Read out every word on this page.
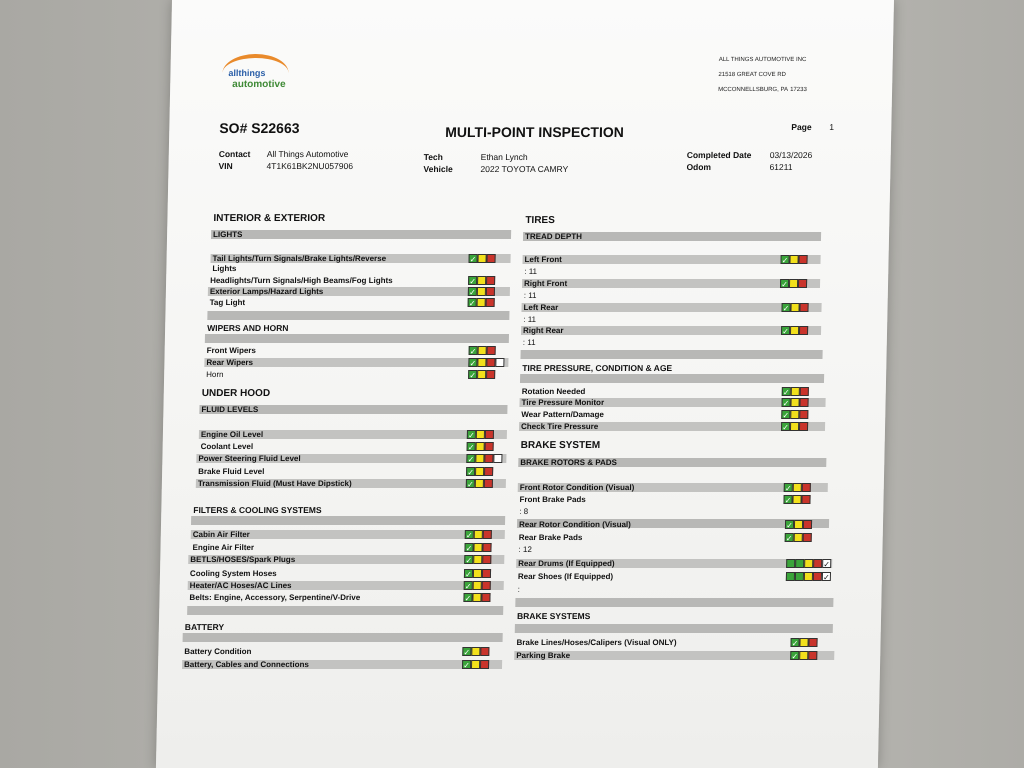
allthings
automotive
ALL THINGS AUTOMOTIVE INC
21518 GREAT COVE RD
MCCONNELLSBURG, PA 17233
SO# S22663	MULTI-POINT INSPECTION	Page 1
Contact All Things Automotive
VIN	4T1K61BK2NU057906
Tech	Ethan Lynch
Vehicle	2022 TOYOTA CAMRY
Completed Date 03/13/2026
Odom	61211
INTERIOR & EXTERIOR
LIGHTS
Tail Lights/Turn Signals/Brake Lights/Reverse	✓
Lights
Headlights/Turn Signals/High Beams/Fog Lights	✓
Exterior Lamps/Hazard Lights	✓
Tag Light	✓
WIPERS AND HORN
Front Wipers	✓
Rear Wipers	✓
Horn	✓
UNDER HOOD
FLUID LEVELS
Engine Oil Level	✓
Coolant Level	✓
Power Steering Fluid Level	✓
Brake Fluid Level	✓
Transmission Fluid (Must Have Dipstick)	✓
FILTERS & COOLING SYSTEMS
Cabin Air Filter	✓
Engine Air Filter	✓
BETLS/HOSES/Spark Plugs	✓
Cooling System Hoses	✓
Heater/AC Hoses/AC Lines	✓
Belts: Engine, Accessory, Serpentine/V-Drive	✓
BATTERY
Battery Condition	✓
Battery, Cables and Connections	✓
TIRES
TREAD DEPTH
Left Front	✓
: 11
Right Front	✓
: 11
Left Rear	✓
: 11
Right Rear	✓
: 11
TIRE PRESSURE, CONDITION & AGE
Rotation Needed	✓
Tire Pressure Monitor	✓
Wear Pattern/Damage	✓
Check Tire Pressure	✓
BRAKE SYSTEM
BRAKE ROTORS & PADS
Front Rotor Condition (Visual)	✓
Front Brake Pads	✓
: 8
Rear Rotor Condition (Visual)	✓
Rear Brake Pads	✓
: 12
Rear Drums (If Equipped)	✓
Rear Shoes (If Equipped)	✓
:
BRAKE SYSTEMS
Brake Lines/Hoses/Calipers (Visual ONLY)	✓
Parking Brake	✓
